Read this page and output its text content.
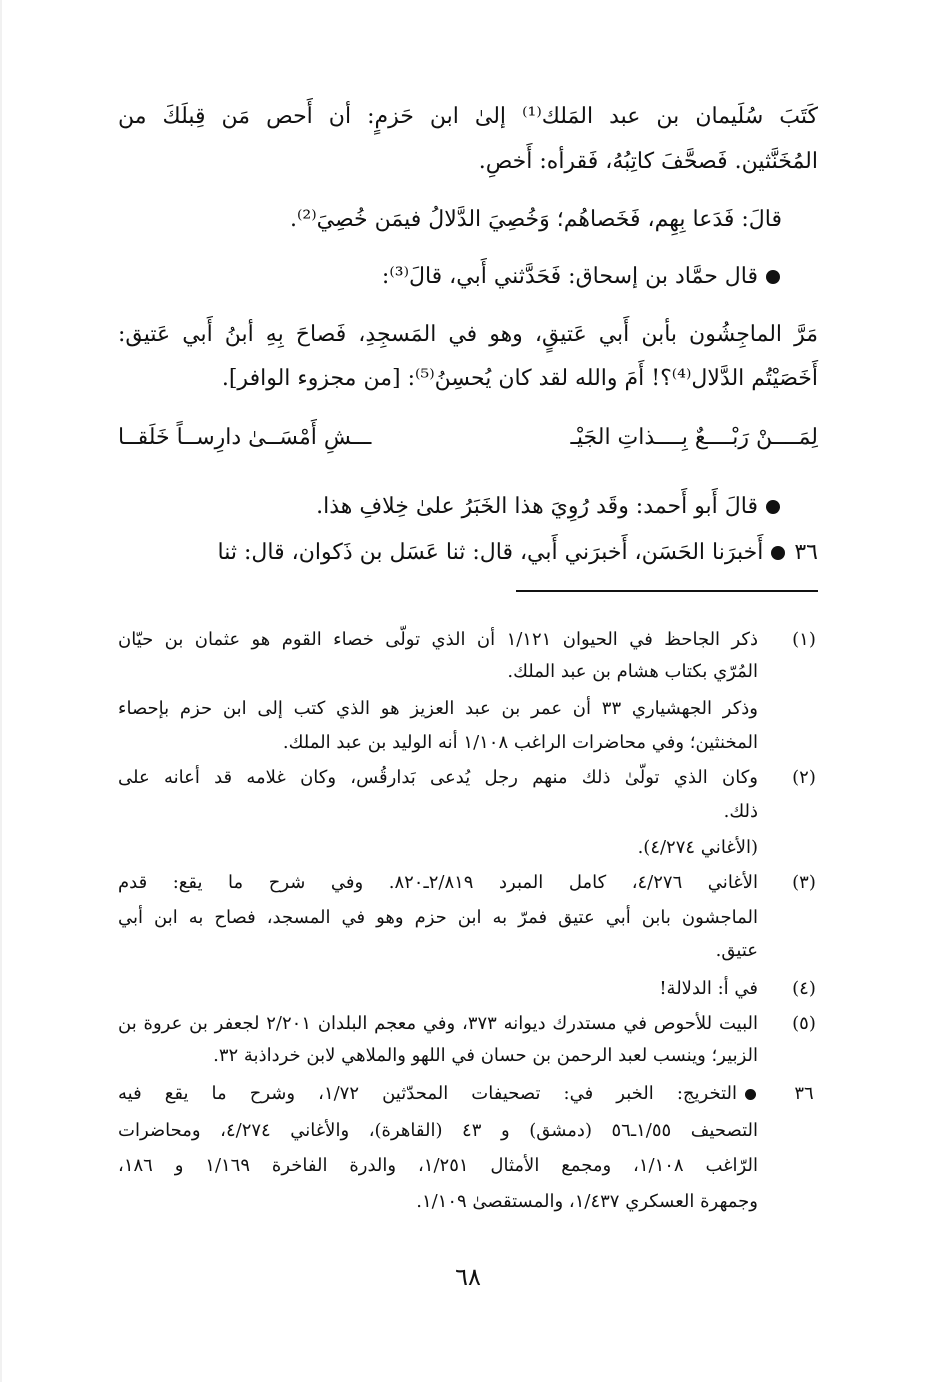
كَتَبَ سُلَيمان بن عبد المَلك⁽¹⁾ إلىٰ ابن حَزمٍ: أن أَحص مَن قِبلَكَ من
المُخَنَّثين. فَصحَّفَ كاتِبُهُ، فَقرأه: أَخصِ.
قالَ: فَدَعا بِهِم، فَخَصاهُم؛ وَخُصِيَ الدَّلالُ فيمَن خُصِيَ⁽²⁾.
قال حمَّاد بن إسحاق: فَحَدَّثني أَبي، قالَ⁽³⁾:
مَرَّ الماجِشُون بأبن أَبي عَتيقٍ، وهو في المَسجِدِ، فَصاحَ بِهِ أبنُ أَبي عَتيق:
أَخَصَيْتُم الدَّلال⁽⁴⁾؟! أَمَ والله لقد كان يُحسِنُ⁽⁵⁾: [من مجزوء الوافر].
لِمَــــنْ رَبْــــعٌ بِــــذاتِ الجَيْـ
ـــشِ أَمْسَــىٰ دارِســاً خَلَقــا
قالَ أَبو أَحمد: وقَد رُوِيَ هذا الخَبَرُ علىٰ خِلافِ هذا.
٣٦ أَخبرَنا الحَسَن، أَخبرَني أَبي، قال: ثنا عَسَل بن ذَكوان، قال: ثنا
(١)
ذكر الجاحظ في الحيوان ١/١٢١ أن الذي تولّى خصاء القوم هو عثمان بن حيّان
المُرّي بكتاب هشام بن عبد الملك.
وذكر الجهشياري ٣٣ أن عمر بن عبد العزيز هو الذي كتب إلى ابن حزم بإحصاء
المخنثين؛ وفي محاضرات الراغب ١/١٠٨ أنه الوليد بن عبد الملك.
(٢)
وكان الذي تولّىٰ ذلك منهم رجل يُدعى بَدارقُس، وكان غلامه قد أعانه على
ذلك.
(الأغاني ٤/٢٧٤).
(٣)
الأغاني ٤/٢٧٦، كامل المبرد ٢/٨١٩ـ٨٢٠. وفي شرح ما يقع: قدم
الماجشون بابن أبي عتيق فمرّ به ابن حزم وهو في المسجد، فصاح به ابن أبي
عتيق.
(٤)
في أ: الدلالة!
(٥)
البيت للأحوص في مستدرك ديوانه ٣٧٣، وفي معجم البلدان ٢/٢٠١ لجعفر بن عروة بن
الزبير؛ وينسب لعبد الرحمن بن حسان في اللهو والملاهي لابن خرداذبة ٣٢.
٣٦
التخريج: الخبر في: تصحيفات المحدّثين ١/٧٢، وشرح ما يقع فيه
التصحيف ١/٥٥ـ٥٦ (دمشق) و ٤٣ (القاهرة)، والأغاني ٤/٢٧٤، ومحاضرات
الرّاغب ١/١٠٨، ومجمع الأمثال ١/٢٥١، والدرة الفاخرة ١/١٦٩ و ١٨٦،
وجمهرة العسكري ١/٤٣٧، والمستقصىٰ ١/١٠٩.
٦٨
